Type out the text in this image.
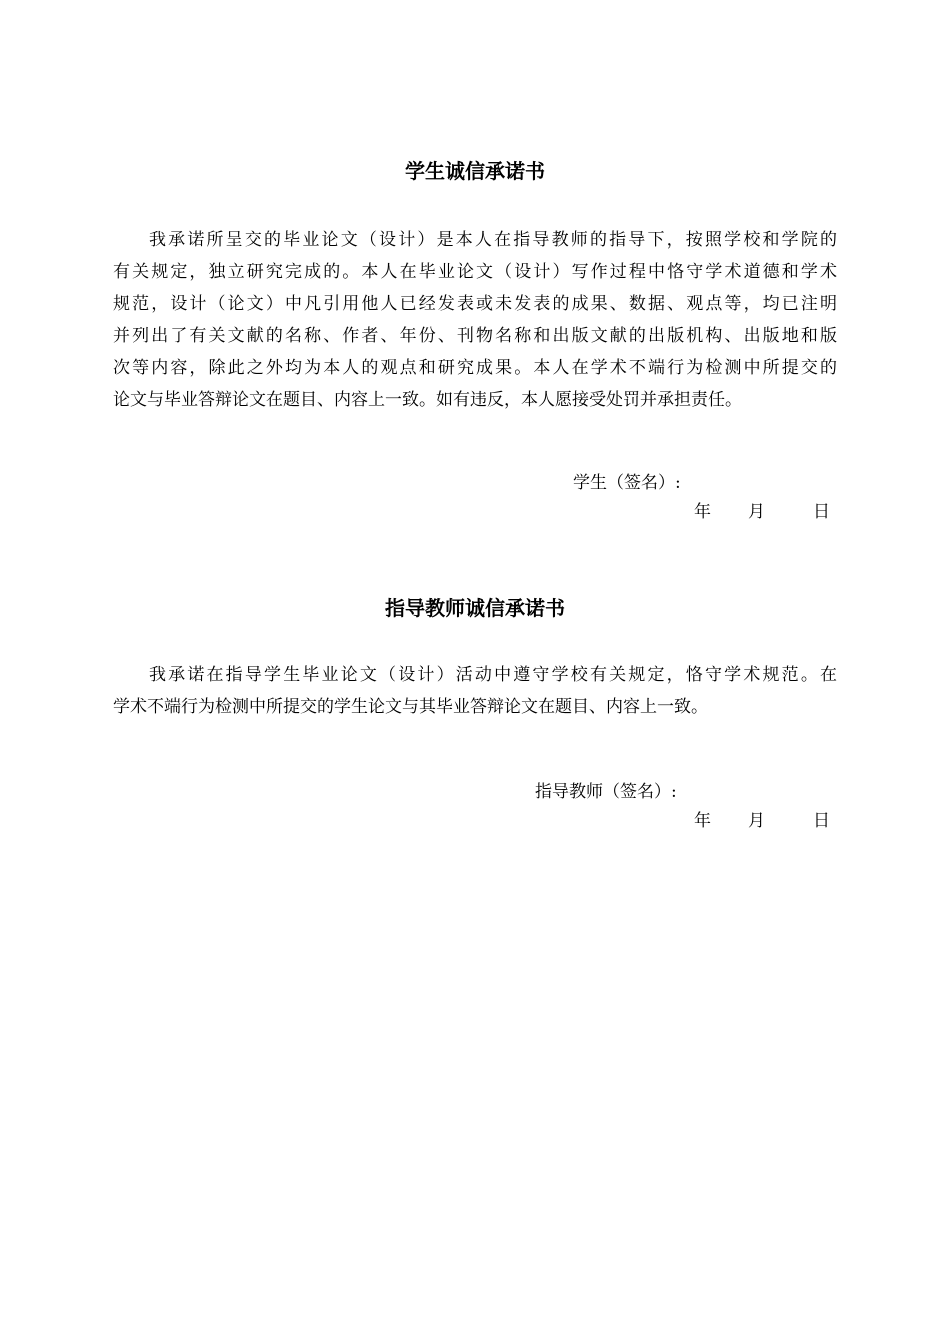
学生诚信承诺书
我承诺所呈交的毕业论文（设计）是本人在指导教师的指导下，按照学校和学院的
有关规定，独立研究完成的。本人在毕业论文（设计）写作过程中恪守学术道德和学术
规范，设计（论文）中凡引用他人已经发表或未发表的成果、数据、观点等，均已注明
并列出了有关文献的名称、作者、年份、刊物名称和出版文献的出版机构、出版地和版
次等内容，除此之外均为本人的观点和研究成果。本人在学术不端行为检测中所提交的
论文与毕业答辩论文在题目、内容上一致。如有违反，本人愿接受处罚并承担责任。
学生（签名）:
年 月	日
指导教师诚信承诺书
我承诺在指导学生毕业论文（设计）活动中遵守学校有关规定，恪守学术规范。在
学术不端行为检测中所提交的学生论文与其毕业答辩论文在题目、内容上一致。
指导教师（签名）:
年 月	日
